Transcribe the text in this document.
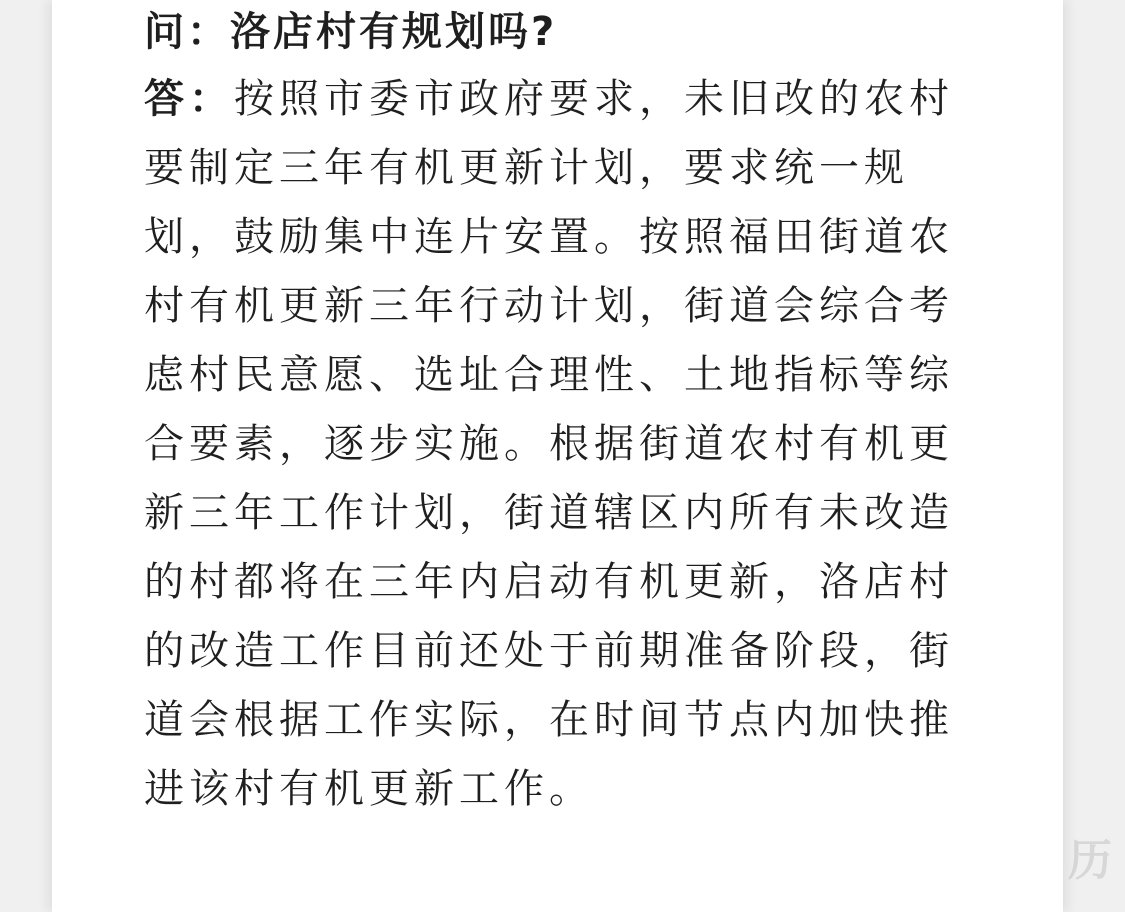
问：洛店村有规划吗?

答：按照市委市政府要求，未旧改的农村要制定三年有机更新计划，要求统一规划，鼓励集中连片安置。按照福田街道农村有机更新三年行动计划，街道会综合考虑村民意愿、选址合理性、土地指标等综合要素，逐步实施。根据街道农村有机更新三年工作计划，街道辖区内所有未改造的村都将在三年内启动有机更新，洛店村的改造工作目前还处于前期准备阶段，街道会根据工作实际，在时间节点内加快推进该村有机更新工作。

历
